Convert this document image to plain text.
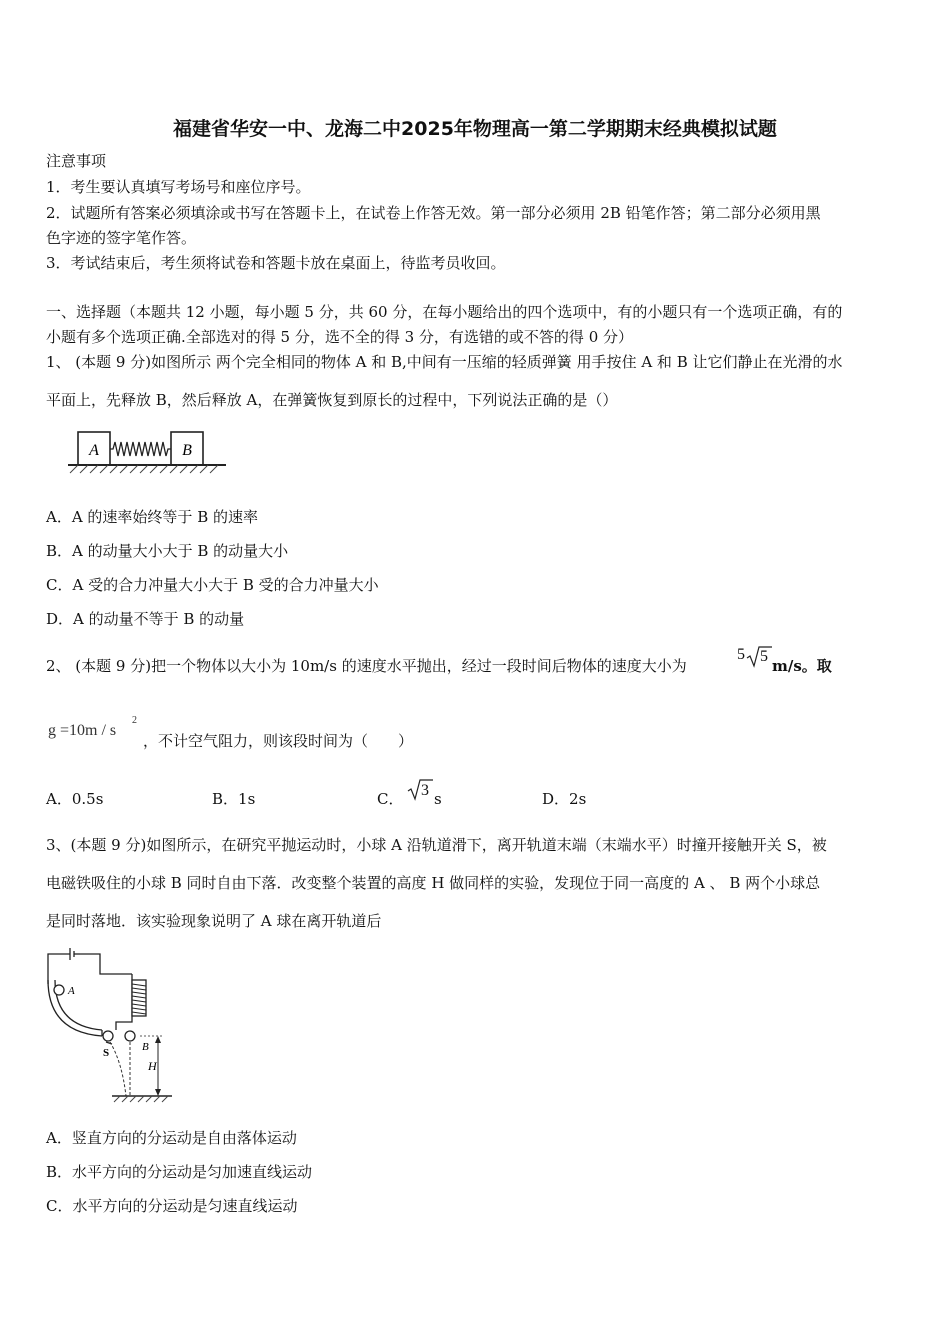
福建省华安一中、龙海二中2025年物理高一第二学期期末经典模拟试题
注意事项
1．考生要认真填写考场号和座位序号。
2．试题所有答案必须填涂或书写在答题卡上，在试卷上作答无效。第一部分必须用 2B 铅笔作答；第二部分必须用黑
色字迹的签字笔作答。
3．考试结束后，考生须将试卷和答题卡放在桌面上，待监考员收回。
一、选择题（本题共 12 小题，每小题 5 分，共 60 分，在每小题给出的四个选项中，有的小题只有一个选项正确，有的
小题有多个选项正确.全部选对的得 5 分，选不全的得 3 分，有选错的或不答的得 0 分）
1、 (本题 9 分)如图所示 两个完全相同的物体 A 和 B,中间有一压缩的轻质弹簧 用手按住 A 和 B 让它们静止在光滑的水
平面上，先释放 B，然后释放 A，在弹簧恢复到原长的过程中，下列说法正确的是（）
A	B
A．A 的速率始终等于 B 的速率
B．A 的动量大小大于 B 的动量大小
C．A 受的合力冲量大小大于 B 受的合力冲量大小
D．A 的动量不等于 B 的动量
2、 (本题 9 分)把一个物体以大小为 10m/s 的速度水平抛出，经过一段时间后物体的速度大小为
5 5
m/s。取
g =10m / s
2
，不计空气阻力，则该段时间为（　　）
A．0.5s	B．1s	C． 3 s	D．2s
3、(本题 9 分)如图所示，在研究平抛运动时，小球 A 沿轨道滑下，离开轨道末端（末端水平）时撞开接触开关 S，被
电磁铁吸住的小球 B 同时自由下落．改变整个装置的高度 H 做同样的实验，发现位于同一高度的 A 、 B 两个小球总
是同时落地．该实验现象说明了 A 球在离开轨道后
A
S	B
H
A．竖直方向的分运动是自由落体运动
B．水平方向的分运动是匀加速直线运动
C．水平方向的分运动是匀速直线运动
